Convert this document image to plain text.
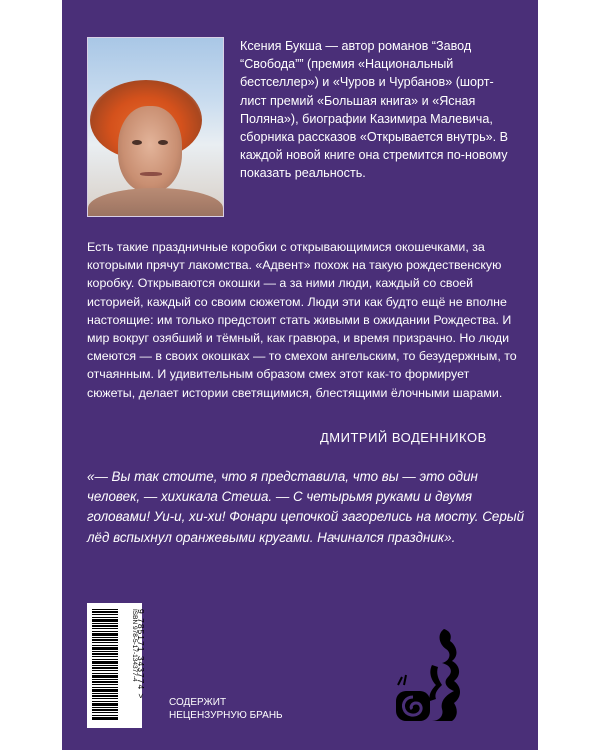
Ксения Букша — автор романов “Завод “Свобода”” (премия «Национальный бестселлер») и «Чуров и Чурбанов» (шорт-лист премий «Большая книга» и «Ясная Поляна»), биографии Казимира Малевича, сборника рассказов «Открывается внутрь». В каждой новой книге она стремится по-новому показать реальность.

Есть такие праздничные коробки с открывающимися окошечками, за которыми прячут лакомства. «Адвент» похож на такую рождественскую коробку. Открываются окошки — а за ними люди, каждый со своей историей, каждый со своим сюжетом. Люди эти как будто ещё не вполне настоящие: им только предстоит стать живыми в ожидании Рождества. И мир вокруг озябший и тёмный, как гравюра, и время призрачно. Но люди смеются — в своих окошках — то смехом ангельским, то безудержным, то отчаянным. И удивительным образом смех этот как-то формирует сюжеты, делает истории светящимися, блестящими ёлочными шарами.

ДМИТРИЙ ВОДЕННИКОВ

«— Вы так стоите, что я представила, что вы — это один человек, — хихикала Стеша. — С четырьмя руками и двумя головами! Уи-и, хи-хи! Фонари цепочкой загорелись на мосту. Серый лёд вспыхнул оранжевыми кругами. Начинался праздник».

ISBN 978-5-17-134377-4
9 785171 343774 >

СОДЕРЖИТ
НЕЦЕНЗУРНУЮ БРАНЬ
